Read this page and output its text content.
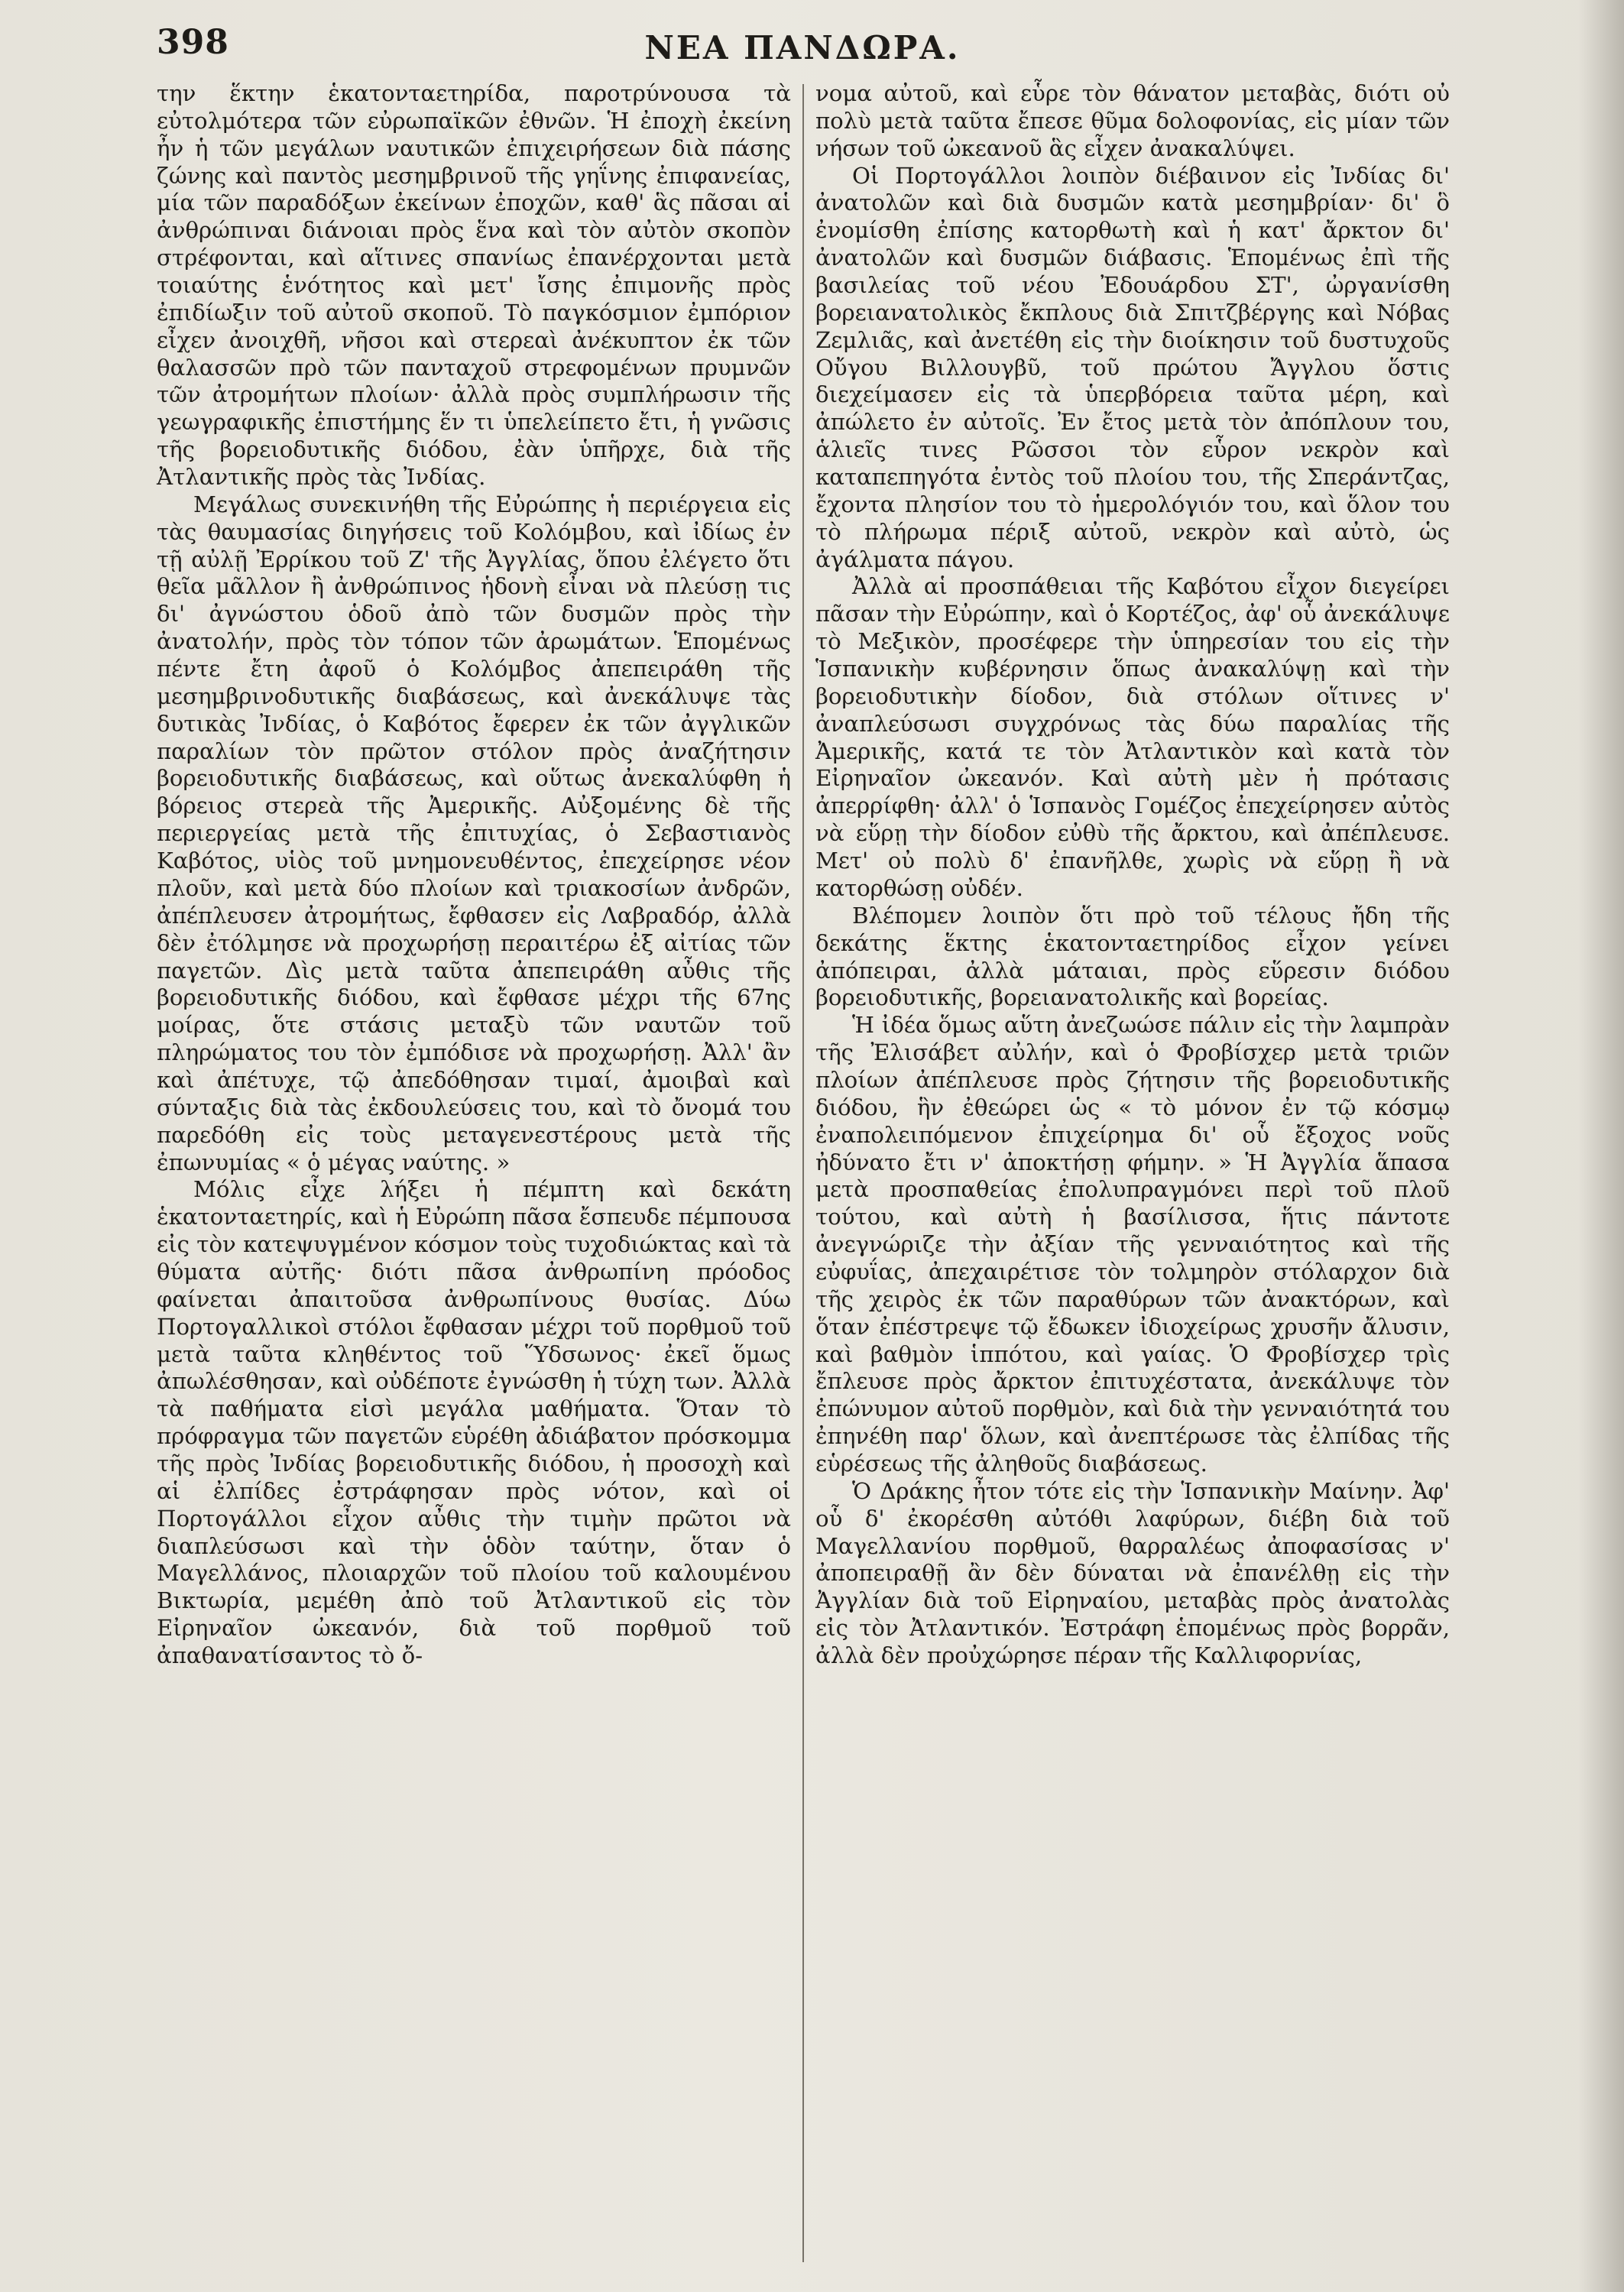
398	ΝΕΑ ΠΑΝΔΩΡΑ.

την ἕκτην ἑκατονταετηρίδα, παροτρύνουσα τὰ εὐτολμότερα τῶν εὐρωπαϊκῶν ἐθνῶν. Ἡ ἐποχὴ ἐκείνη ἦν ἡ τῶν μεγάλων ναυτικῶν ἐπιχειρήσεων διὰ πάσης ζώνης καὶ παντὸς μεσημβρινοῦ τῆς γηΐνης ἐπιφανείας, μία τῶν παραδόξων ἐκείνων ἐποχῶν, καθ' ἃς πᾶσαι αἱ ἀνθρώπιναι διάνοιαι πρὸς ἕνα καὶ τὸν αὐτὸν σκοπὸν στρέφονται, καὶ αἵτινες σπανίως ἐπανέρχονται μετὰ τοιαύτης ἑνότητος καὶ μετ' ἴσης ἐπιμονῆς πρὸς ἐπιδίωξιν τοῦ αὐτοῦ σκοποῦ. Τὸ παγκόσμιον ἐμπόριον εἶχεν ἀνοιχθῆ, νῆσοι καὶ στερεαὶ ἀνέκυπτον ἐκ τῶν θαλασσῶν πρὸ τῶν πανταχοῦ στρεφομένων πρυμνῶν τῶν ἀτρομήτων πλοίων· ἀλλὰ πρὸς συμπλήρωσιν τῆς γεωγραφικῆς ἐπιστήμης ἕν τι ὑπελείπετο ἔτι, ἡ γνῶσις τῆς βορειοδυτικῆς διόδου, ἐὰν ὑπῆρχε, διὰ τῆς Ἀτλαντικῆς πρὸς τὰς Ἰνδίας.

Μεγάλως συνεκινήθη τῆς Εὐρώπης ἡ περιέργεια εἰς τὰς θαυμασίας διηγήσεις τοῦ Κολόμβου, καὶ ἰδίως ἐν τῇ αὐλῇ Ἐρρίκου τοῦ Ζ' τῆς Ἀγγλίας, ὅπου ἐλέγετο ὅτι θεῖα μᾶλλον ἢ ἀνθρώπινος ἡδονὴ εἶναι νὰ πλεύσῃ τις δι' ἀγνώστου ὁδοῦ ἀπὸ τῶν δυσμῶν πρὸς τὴν ἀνατολήν, πρὸς τὸν τόπον τῶν ἀρωμάτων. Ἑπομένως πέντε ἔτη ἀφοῦ ὁ Κολόμβος ἀπεπειράθη τῆς μεσημβρινοδυτικῆς διαβάσεως, καὶ ἀνεκάλυψε τὰς δυτικὰς Ἰνδίας, ὁ Καβότος ἔφερεν ἐκ τῶν ἀγγλικῶν παραλίων τὸν πρῶτον στόλον πρὸς ἀναζήτησιν βορειοδυτικῆς διαβάσεως, καὶ οὕτως ἀνεκαλύφθη ἡ βόρειος στερεὰ τῆς Ἀμερικῆς. Αὐξομένης δὲ τῆς περιεργείας μετὰ τῆς ἐπιτυχίας, ὁ Σεβαστιανὸς Καβότος, υἱὸς τοῦ μνημονευθέντος, ἐπεχείρησε νέον πλοῦν, καὶ μετὰ δύο πλοίων καὶ τριακοσίων ἀνδρῶν, ἀπέπλευσεν ἀτρομήτως, ἔφθασεν εἰς Λαβραδόρ, ἀλλὰ δὲν ἐτόλμησε νὰ προχωρήσῃ περαιτέρω ἐξ αἰτίας τῶν παγετῶν. Δὶς μετὰ ταῦτα ἀπεπειράθη αὖθις τῆς βορειοδυτικῆς διόδου, καὶ ἔφθασε μέχρι τῆς 67ης μοίρας, ὅτε στάσις μεταξὺ τῶν ναυτῶν τοῦ πληρώματος του τὸν ἐμπόδισε νὰ προχωρήσῃ. Ἀλλ' ἂν καὶ ἀπέτυχε, τῷ ἀπεδόθησαν τιμαί, ἀμοιβαὶ καὶ σύνταξις διὰ τὰς ἐκδουλεύσεις του, καὶ τὸ ὄνομά του παρεδόθη εἰς τοὺς μεταγενεστέρους μετὰ τῆς ἐπωνυμίας « ὁ μέγας ναύτης. »

Μόλις εἶχε λήξει ἡ πέμπτη καὶ δεκάτη ἑκατονταετηρίς, καὶ ἡ Εὐρώπη πᾶσα ἔσπευδε πέμπουσα εἰς τὸν κατεψυγμένον κόσμον τοὺς τυχοδιώκτας καὶ τὰ θύματα αὐτῆς· διότι πᾶσα ἀνθρωπίνη πρόοδος φαίνεται ἀπαιτοῦσα ἀνθρωπίνους θυσίας. Δύω Πορτογαλλικοὶ στόλοι ἔφθασαν μέχρι τοῦ πορθμοῦ τοῦ μετὰ ταῦτα κληθέντος τοῦ Ὕδσωνος· ἐκεῖ ὅμως ἀπωλέσθησαν, καὶ οὐδέποτε ἐγνώσθη ἡ τύχη των. Ἀλλὰ τὰ παθήματα εἰσὶ μεγάλα μαθήματα. Ὅταν τὸ πρόφραγμα τῶν παγετῶν εὑρέθη ἀδιάβατον πρόσκομμα τῆς πρὸς Ἰνδίας βορειοδυτικῆς διόδου, ἡ προσοχὴ καὶ αἱ ἐλπίδες ἐστράφησαν πρὸς νότον, καὶ οἱ Πορτογάλλοι εἶχον αὖθις τὴν τιμὴν πρῶτοι νὰ διαπλεύσωσι καὶ τὴν ὁδὸν ταύτην, ὅταν ὁ Μαγελλάνος, πλοιαρχῶν τοῦ πλοίου τοῦ καλουμένου Βικτωρία, μεμέθη ἀπὸ τοῦ Ἀτλαντικοῦ εἰς τὸν Εἰρηναῖον ὠκεανόν, διὰ τοῦ πορθμοῦ τοῦ ἀπαθανατίσαντος τὸ ὄ-

νομα αὐτοῦ, καὶ εὗρε τὸν θάνατον μεταβὰς, διότι οὐ πολὺ μετὰ ταῦτα ἔπεσε θῦμα δολοφονίας, εἰς μίαν τῶν νήσων τοῦ ὠκεανοῦ ἃς εἶχεν ἀνακαλύψει.

Οἱ Πορτογάλλοι λοιπὸν διέβαινον εἰς Ἰνδίας δι' ἀνατολῶν καὶ διὰ δυσμῶν κατὰ μεσημβρίαν· δι' ὃ ἐνομίσθη ἐπίσης κατορθωτὴ καὶ ἡ κατ' ἄρκτον δι' ἀνατολῶν καὶ δυσμῶν διάβασις. Ἑπομένως ἐπὶ τῆς βασιλείας τοῦ νέου Ἐδουάρδου ΣΤ', ὠργανίσθη βορειανατολικὸς ἔκπλους διὰ Σπιτζβέργης καὶ Νόβας Ζεμλιᾶς, καὶ ἀνετέθη εἰς τὴν διοίκησιν τοῦ δυστυχοῦς Οὔγου Βιλλουγβῦ, τοῦ πρώτου Ἄγγλου ὅστις διεχείμασεν εἰς τὰ ὑπερβόρεια ταῦτα μέρη, καὶ ἀπώλετο ἐν αὐτοῖς. Ἐν ἔτος μετὰ τὸν ἀπόπλουν του, ἁλιεῖς τινες Ρῶσσοι τὸν εὗρον νεκρὸν καὶ καταπεπηγότα ἐντὸς τοῦ πλοίου του, τῆς Σπεράντζας, ἔχοντα πλησίον του τὸ ἡμερολόγιόν του, καὶ ὅλον του τὸ πλήρωμα πέριξ αὐτοῦ, νεκρὸν καὶ αὐτὸ, ὡς ἀγάλματα πάγου.

Ἀλλὰ αἱ προσπάθειαι τῆς Καβότου εἶχον διεγείρει πᾶσαν τὴν Εὐρώπην, καὶ ὁ Κορτέζος, ἀφ' οὗ ἀνεκάλυψε τὸ Μεξικὸν, προσέφερε τὴν ὑπηρεσίαν του εἰς τὴν Ἱσπανικὴν κυβέρνησιν ὅπως ἀνακαλύψῃ καὶ τὴν βορειοδυτικὴν δίοδον, διὰ στόλων οἵτινες ν' ἀναπλεύσωσι συγχρόνως τὰς δύω παραλίας τῆς Ἀμερικῆς, κατά τε τὸν Ἀτλαντικὸν καὶ κατὰ τὸν Εἰρηναῖον ὠκεανόν. Καὶ αὐτὴ μὲν ἡ πρότασις ἀπερρίφθη· ἀλλ' ὁ Ἱσπανὸς Γομέζος ἐπεχείρησεν αὐτὸς νὰ εὕρῃ τὴν δίοδον εὐθὺ τῆς ἄρκτου, καὶ ἀπέπλευσε. Μετ' οὐ πολὺ δ' ἐπανῆλθε, χωρὶς νὰ εὕρῃ ἢ νὰ κατορθώσῃ οὐδέν.

Βλέπομεν λοιπὸν ὅτι πρὸ τοῦ τέλους ἤδη τῆς δεκάτης ἕκτης ἑκατονταετηρίδος εἶχον γείνει ἀπόπειραι, ἀλλὰ μάταιαι, πρὸς εὕρεσιν διόδου βορειοδυτικῆς, βορειανατολικῆς καὶ βορείας.

Ἡ ἰδέα ὅμως αὕτη ἀνεζωώσε πάλιν εἰς τὴν λαμπρὰν τῆς Ἐλισάβετ αὐλήν, καὶ ὁ Φροβίσχερ μετὰ τριῶν πλοίων ἀπέπλευσε πρὸς ζήτησιν τῆς βορειοδυτικῆς διόδου, ἣν ἐθεώρει ὡς « τὸ μόνον ἐν τῷ κόσμῳ ἐναπολειπόμενον ἐπιχείρημα δι' οὗ ἔξοχος νοῦς ἠδύνατο ἔτι ν' ἀποκτήσῃ φήμην. » Ἡ Ἀγγλία ἅπασα μετὰ προσπαθείας ἐπολυπραγμόνει περὶ τοῦ πλοῦ τούτου, καὶ αὐτὴ ἡ βασίλισσα, ἥτις πάντοτε ἀνεγνώριζε τὴν ἀξίαν τῆς γενναιότητος καὶ τῆς εὐφυΐας, ἀπεχαιρέτισε τὸν τολμηρὸν στόλαρχον διὰ τῆς χειρὸς ἐκ τῶν παραθύρων τῶν ἀνακτόρων, καὶ ὅταν ἐπέστρεψε τῷ ἔδωκεν ἰδιοχείρως χρυσῆν ἄλυσιν, καὶ βαθμὸν ἱππότου, καὶ γαίας. Ὁ Φροβίσχερ τρὶς ἔπλευσε πρὸς ἄρκτον ἐπιτυχέστατα, ἀνεκάλυψε τὸν ἐπώνυμον αὐτοῦ πορθμὸν, καὶ διὰ τὴν γενναιότητά του ἐπηνέθη παρ' ὅλων, καὶ ἀνεπτέρωσε τὰς ἐλπίδας τῆς εὑρέσεως τῆς ἀληθοῦς διαβάσεως.

Ὁ Δράκης ἦτον τότε εἰς τὴν Ἱσπανικὴν Μαίνην. Ἀφ' οὗ δ' ἐκορέσθη αὐτόθι λαφύρων, διέβη διὰ τοῦ Μαγελλανίου πορθμοῦ, θαρραλέως ἀποφασίσας ν' ἀποπειραθῇ ἂν δὲν δύναται νὰ ἐπανέλθῃ εἰς τὴν Ἀγγλίαν διὰ τοῦ Εἰρηναίου, μεταβὰς πρὸς ἀνατολὰς εἰς τὸν Ἀτλαντικόν. Ἐστράφη ἑπομένως πρὸς βορρᾶν, ἀλλὰ δὲν προὐχώρησε πέραν τῆς Καλλιφορνίας,
